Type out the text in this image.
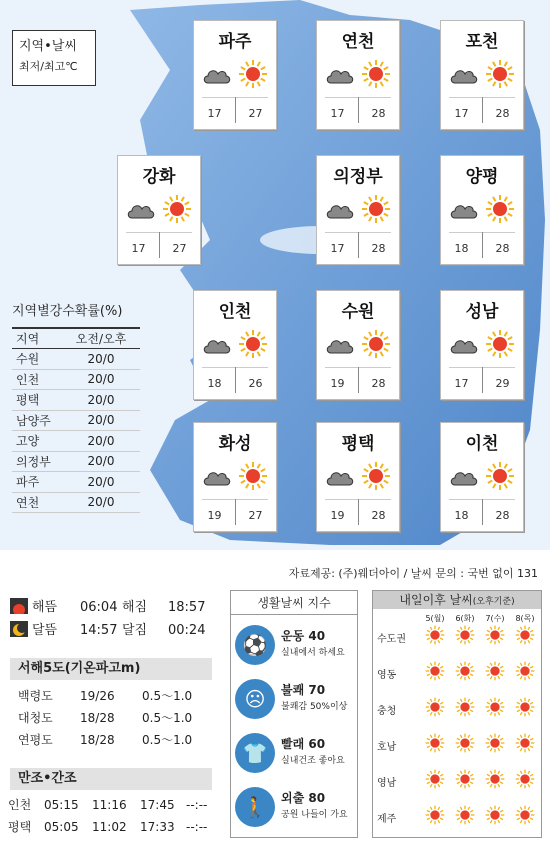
지역•날씨
최저/최고℃
파주
17	27
연천
17	28
포천
17	28
강화
17	27
의정부
17	28
양평
18	28
인천
18	26
수원
19	28
성남
17	29
화성
19	27
평택
19	28
이천
18	28
지역별강수확률(%)
지역	오전/오후
수원	20/0
인천	20/0
평택	20/0
남양주	20/0
고양	20/0
의정부	20/0
파주	20/0
연천	20/0
자료제공: (주)웨더아이 / 날씨 문의 : 국번 없이 131
해뜸 06:04 해짐 18:57
달뜸 14:57 달짐 00:24
서해5도(기온파고m)
백령도 19/26 0.5～1.0
대청도 18/28 0.5～1.0
연평도 18/28 0.5～1.0
만조•간조
인천 05:15 11:16 17:45 --:--
평택 05:05 11:02 17:33 --:--
생활날씨 지수
⚽	운동 40
실내에서 하세요
☹	불쾌 70
불쾌감 50%이상
👕	빨래 60
실내건조 좋아요
🚶	외출 80
공원 나들이 가요
내일이후 날씨(오후기준)
5(월) 6(화) 7(수) 8(목)
수도권
영동
충청
호남
영남
제주
